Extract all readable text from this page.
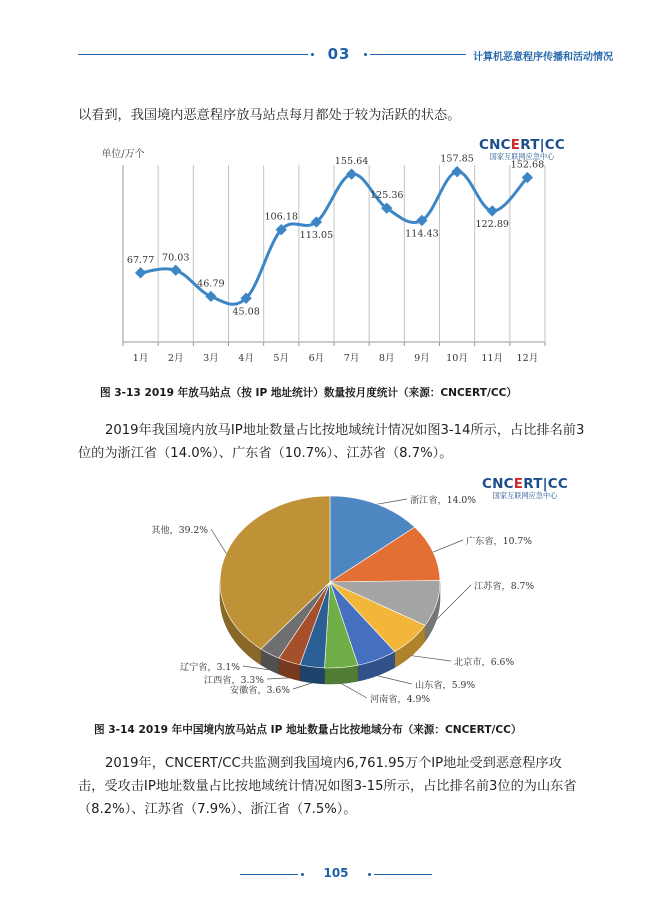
03	计算机恶意程序传播和活动情况
以看到，我国境内恶意程序放马站点每月都处于较为活跃的状态。
CNCERT|CC
国家互联网应急中心
单位/万个
67.77
1月
70.03
2月
46.79
3月
45.08
4月
106.18
5月
113.05
6月
155.64
7月
125.36
8月
114.43
9月
157.85
10月
122.89
11月
152.68
12月
图 3-13 2019 年放马站点（按 IP 地址统计）数量按月度统计（来源：CNCERT/CC）
2019年我国境内放马IP地址数量占比按地域统计情况如图3-14所示，占比排名前3位的为浙江省（14.0%）、广东省（10.7%）、江苏省（8.7%）。
CNCERT|CC
国家互联网应急中心
浙江省，14.0%
广东省，10.7%
江苏省，8.7%
北京市，6.6%
山东省，5.9%
河南省，4.9%
安徽省，3.6%
江西省，3.3%
辽宁省，3.1%
其他，39.2%
图 3-14 2019 年中国境内放马站点 IP 地址数量占比按地域分布（来源：CNCERT/CC）
2019年，CNCERT/CC共监测到我国境内6,761.95万个IP地址受到恶意程序攻击，受攻击IP地址数量占比按地域统计情况如图3-15所示，占比排名前3位的为山东省（8.2%）、江苏省（7.9%）、浙江省（7.5%）。
105
